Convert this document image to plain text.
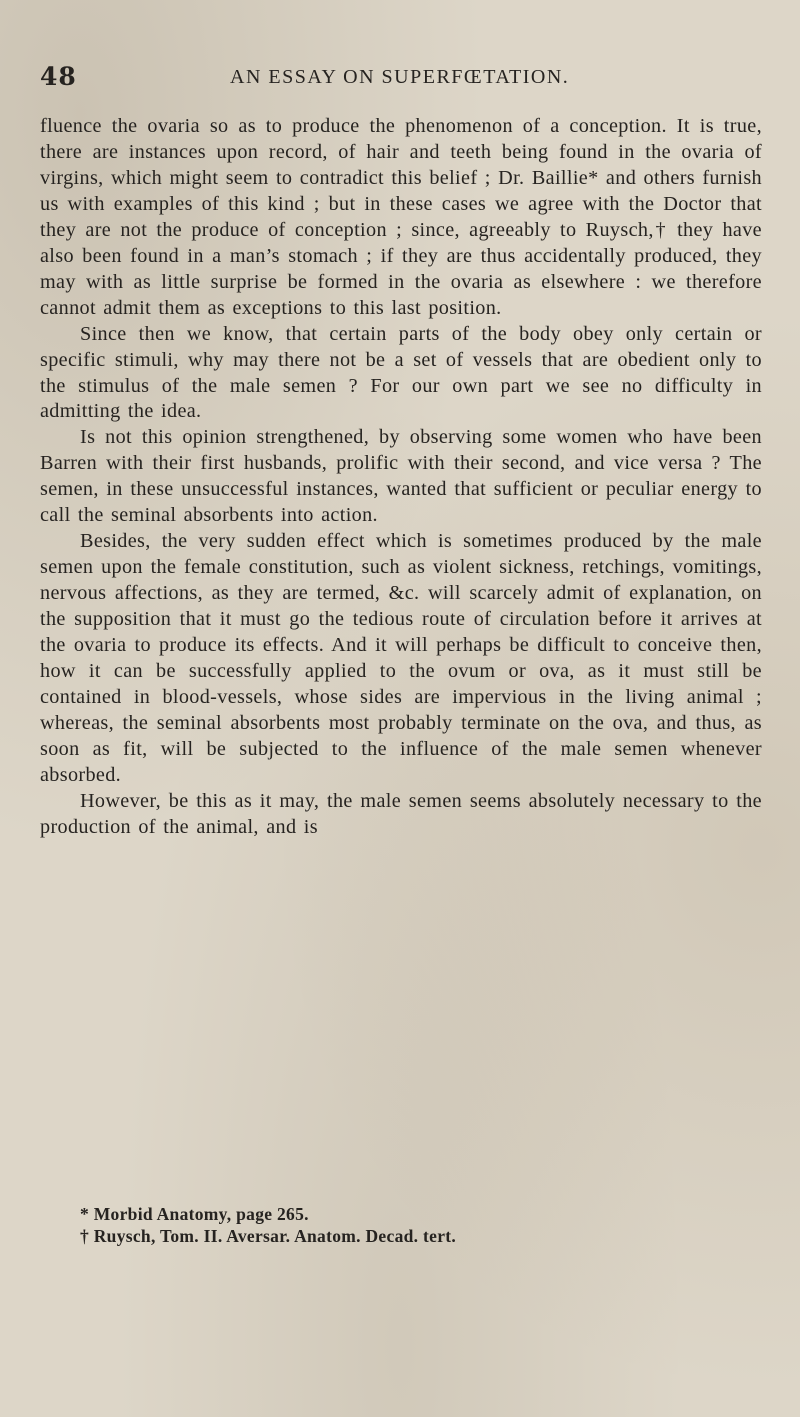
48	AN ESSAY ON SUPERFŒTATION.

fluence the ovaria so as to produce the phenomenon of a conception. It is true, there are instances upon record, of hair and teeth being found in the ovaria of virgins, which might seem to contradict this belief ; Dr. Baillie* and others furnish us with examples of this kind ; but in these cases we agree with the Doctor that they are not the produce of conception ; since, agreeably to Ruysch,† they have also been found in a man’s stomach ; if they are thus accidentally produced, they may with as little surprise be formed in the ovaria as elsewhere : we therefore cannot admit them as exceptions to this last position.

Since then we know, that certain parts of the body obey only certain or specific stimuli, why may there not be a set of vessels that are obedient only to the stimulus of the male semen ? For our own part we see no difficulty in admitting the idea.

Is not this opinion strengthened, by observing some women who have been Barren with their first husbands, prolific with their second, and vice versa ? The semen, in these unsuccessful instances, wanted that sufficient or peculiar energy to call the seminal absorbents into action.

Besides, the very sudden effect which is sometimes produced by the male semen upon the female constitution, such as violent sickness, retchings, vomitings, nervous affections, as they are termed, &c. will scarcely admit of explanation, on the supposition that it must go the tedious route of circulation before it arrives at the ovaria to produce its effects. And it will perhaps be difficult to conceive then, how it can be successfully applied to the ovum or ova, as it must still be contained in blood-vessels, whose sides are impervious in the living animal ; whereas, the seminal absorbents most probably terminate on the ova, and thus, as soon as fit, will be subjected to the influence of the male semen whenever absorbed.

However, be this as it may, the male semen seems absolutely necessary to the production of the animal, and is

* Morbid Anatomy, page 265.
† Ruysch, Tom. II. Aversar. Anatom. Decad. tert.
